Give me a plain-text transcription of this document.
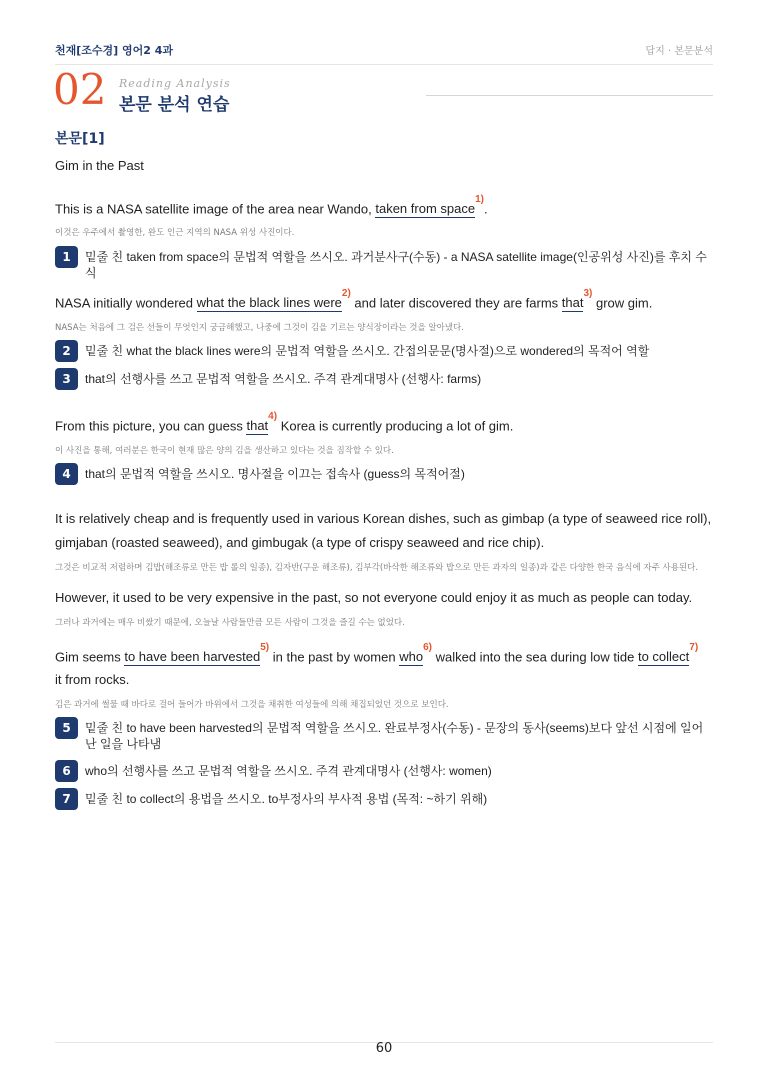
천재[조수경] 영어2 4과	답지 · 본문분석
02 Reading Analysis
본문 분석 연습
본문[1]
Gim in the Past
This is a NASA satellite image of the area near Wando, taken from space$^{1)}$.
이것은 우주에서 촬영한, 완도 인근 지역의 NASA 위성 사진이다.
1	밑줄 친 taken from space의 문법적 역할을 쓰시오. 과거분사구(수동) - a NASA satellite image(인공위성 사진)를 후치 수식
NASA initially wondered what the black lines were$^{2)}$ and later discovered they are farms that$^{3)}$ grow gim.
NASA는 처음에 그 검은 선들이 무엇인지 궁금해했고, 나중에 그것이 김을 기르는 양식장이라는 것을 알아냈다.
2	밑줄 친 what the black lines were의 문법적 역할을 쓰시오. 간접의문문(명사절)으로 wondered의 목적어 역할
3	that의 선행사를 쓰고 문법적 역할을 쓰시오. 주격 관계대명사 (선행사: farms)
From this picture, you can guess that$^{4)}$ Korea is currently producing a lot of gim.
이 사진을 통해, 여러분은 한국이 현재 많은 양의 김을 생산하고 있다는 것을 짐작할 수 있다.
4	that의 문법적 역할을 쓰시오. 명사절을 이끄는 접속사 (guess의 목적어절)
It is relatively cheap and is frequently used in various Korean dishes, such as gimbap (a type of seaweed rice roll),
gimjaban (roasted seaweed), and gimbugak (a type of crispy seaweed and rice chip).
그것은 비교적 저렴하며 김밥(해조류로 만든 밥 롤의 일종), 김자반(구운 해조류), 김부각(바삭한 해조류와 밥으로 만든 과자의 일종)과 같은 다양한 한국 음식에 자주 사용된다.
However, it used to be very expensive in the past, so not everyone could enjoy it as much as people can today.
그러나 과거에는 매우 비쌌기 때문에, 오늘날 사람들만큼 모든 사람이 그것을 즐길 수는 없었다.
Gim seems to have been harvested$^{5)}$ in the past by women who$^{6)}$ walked into the sea during low tide to collect$^{7)}$
it from rocks.
김은 과거에 썰물 때 바다로 걸어 들어가 바위에서 그것을 채취한 여성들에 의해 채집되었던 것으로 보인다.
5	밑줄 친 to have been harvested의 문법적 역할을 쓰시오. 완료부정사(수동) - 문장의 동사(seems)보다 앞선 시점에 일어난 일을 나타냄
6	who의 선행사를 쓰고 문법적 역할을 쓰시오. 주격 관계대명사 (선행사: women)
7	밑줄 친 to collect의 용법을 쓰시오. to부정사의 부사적 용법 (목적: ~하기 위해)
60
